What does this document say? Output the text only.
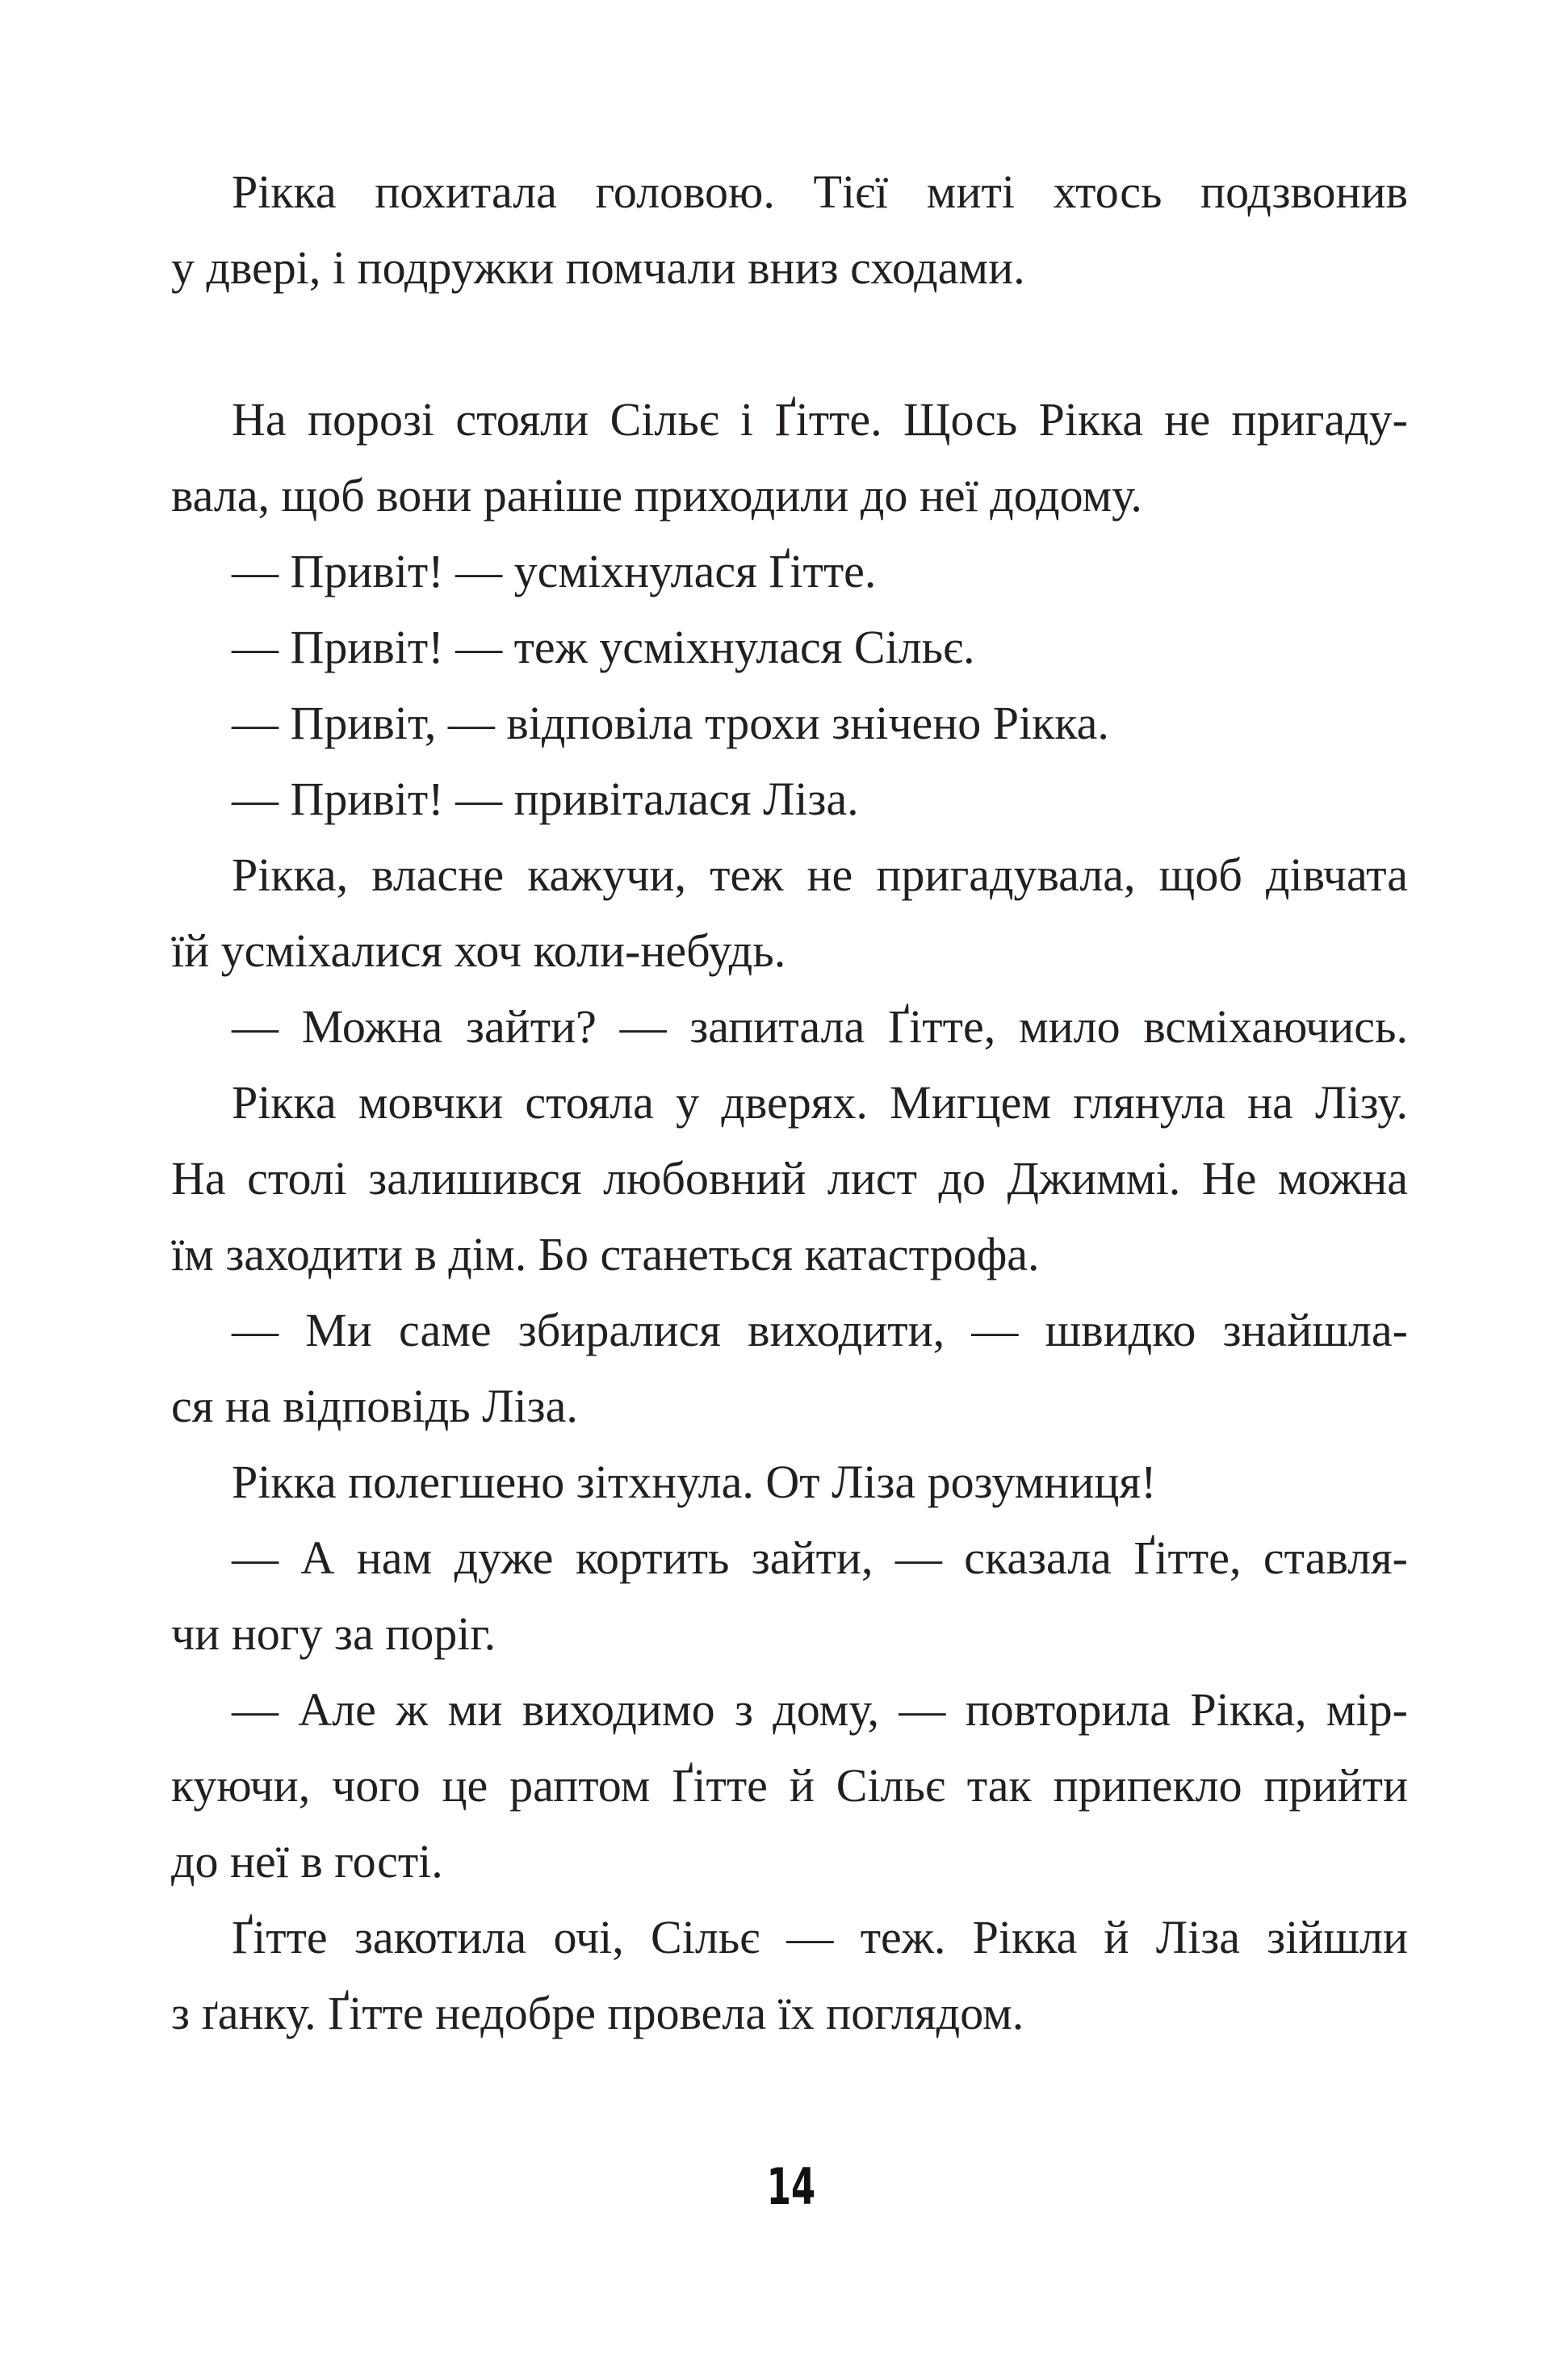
Рікка похитала головою. Тієї миті хтось подзвонив
у двері, і подружки помчали вниз сходами.
На порозі стояли Сільє і Ґітте. Щось Рікка не пригаду-
вала, щоб вони раніше приходили до неї додому.
— Привіт! — усміхнулася Ґітте.
— Привіт! — теж усміхнулася Сільє.
— Привіт, — відповіла трохи знічено Рікка.
— Привіт! — привіталася Ліза.
Рікка, власне кажучи, теж не пригадувала, щоб дівчата
їй усміхалися хоч коли-небудь.
— Можна зайти? — запитала Ґітте, мило всміхаючись.
Рікка мовчки стояла у дверях. Мигцем глянула на Лізу.
На столі залишився любовний лист до Джиммі. Не можна
їм заходити в дім. Бо станеться катастрофа.
— Ми саме збиралися виходити, — швидко знайшла-
ся на відповідь Ліза.
Рікка полегшено зітхнула. От Ліза розумниця!
— А нам дуже кортить зайти, — сказала Ґітте, ставля-
чи ногу за поріг.
— Але ж ми виходимо з дому, — повторила Рікка, мір-
куючи, чого це раптом Ґітте й Сільє так припекло прийти
до неї в гості.
Ґітте закотила очі, Сільє — теж. Рікка й Ліза зійшли
з ґанку. Ґітте недобре провела їх поглядом.
14
